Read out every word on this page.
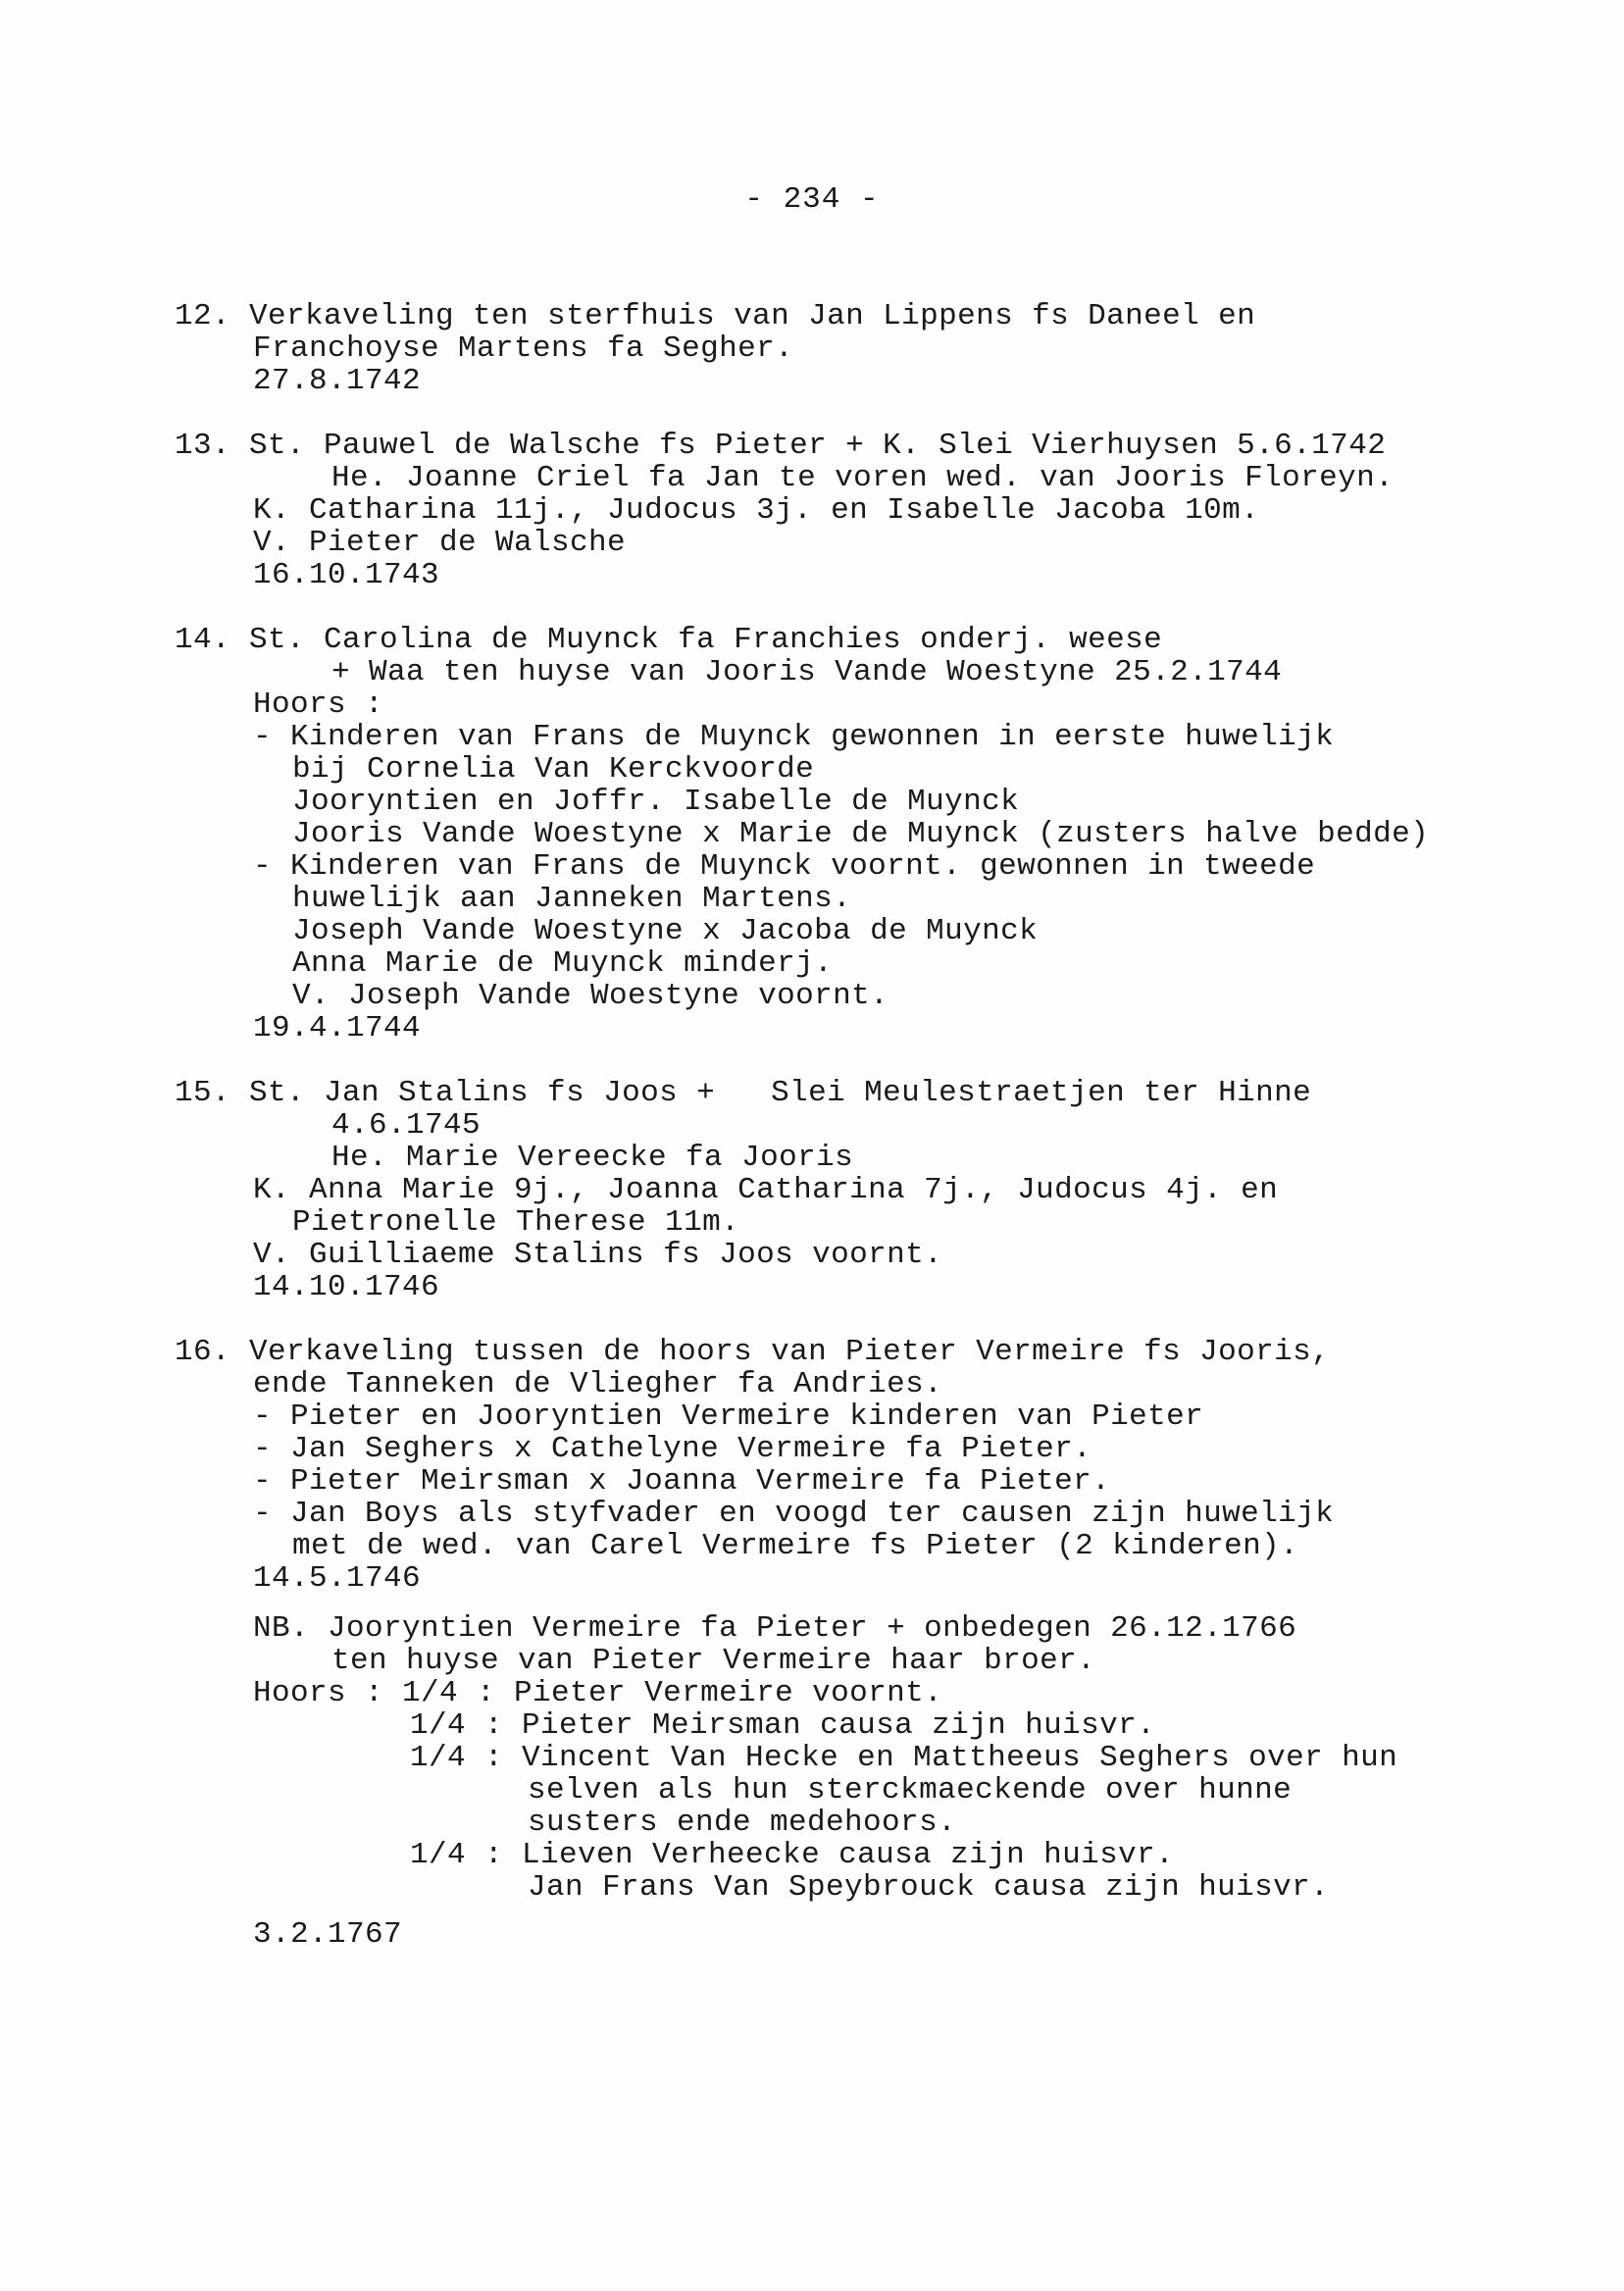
- 234 -
12. Verkaveling ten sterfhuis van Jan Lippens fs Daneel en
Franchoyse Martens fa Segher.
27.8.1742
13. St. Pauwel de Walsche fs Pieter + K. Slei Vierhuysen 5.6.1742
He. Joanne Criel fa Jan te voren wed. van Jooris Floreyn.
K. Catharina 11j., Judocus 3j. en Isabelle Jacoba 10m.
V. Pieter de Walsche
16.10.1743
14. St. Carolina de Muynck fa Franchies onderj. weese
+ Waa ten huyse van Jooris Vande Woestyne 25.2.1744
Hoors :
- Kinderen van Frans de Muynck gewonnen in eerste huwelijk
bij Cornelia Van Kerckvoorde
Jooryntien en Joffr. Isabelle de Muynck
Jooris Vande Woestyne x Marie de Muynck (zusters halve bedde)
- Kinderen van Frans de Muynck voornt. gewonnen in tweede
huwelijk aan Janneken Martens.
Joseph Vande Woestyne x Jacoba de Muynck
Anna Marie de Muynck minderj.
V. Joseph Vande Woestyne voornt.
19.4.1744
15. St. Jan Stalins fs Joos +   Slei Meulestraetjen ter Hinne
4.6.1745
He. Marie Vereecke fa Jooris
K. Anna Marie 9j., Joanna Catharina 7j., Judocus 4j. en
Pietronelle Therese 11m.
V. Guilliaeme Stalins fs Joos voornt.
14.10.1746
16. Verkaveling tussen de hoors van Pieter Vermeire fs Jooris,
ende Tanneken de Vliegher fa Andries.
- Pieter en Jooryntien Vermeire kinderen van Pieter
- Jan Seghers x Cathelyne Vermeire fa Pieter.
- Pieter Meirsman x Joanna Vermeire fa Pieter.
- Jan Boys als styfvader en voogd ter causen zijn huwelijk
met de wed. van Carel Vermeire fs Pieter (2 kinderen).
14.5.1746
NB. Jooryntien Vermeire fa Pieter + onbedegen 26.12.1766
ten huyse van Pieter Vermeire haar broer.
Hoors : 1/4 : Pieter Vermeire voornt.
1/4 : Pieter Meirsman causa zijn huisvr.
1/4 : Vincent Van Hecke en Mattheeus Seghers over hun
selven als hun sterckmaeckende over hunne
susters ende medehoors.
1/4 : Lieven Verheecke causa zijn huisvr.
Jan Frans Van Speybrouck causa zijn huisvr.
3.2.1767
